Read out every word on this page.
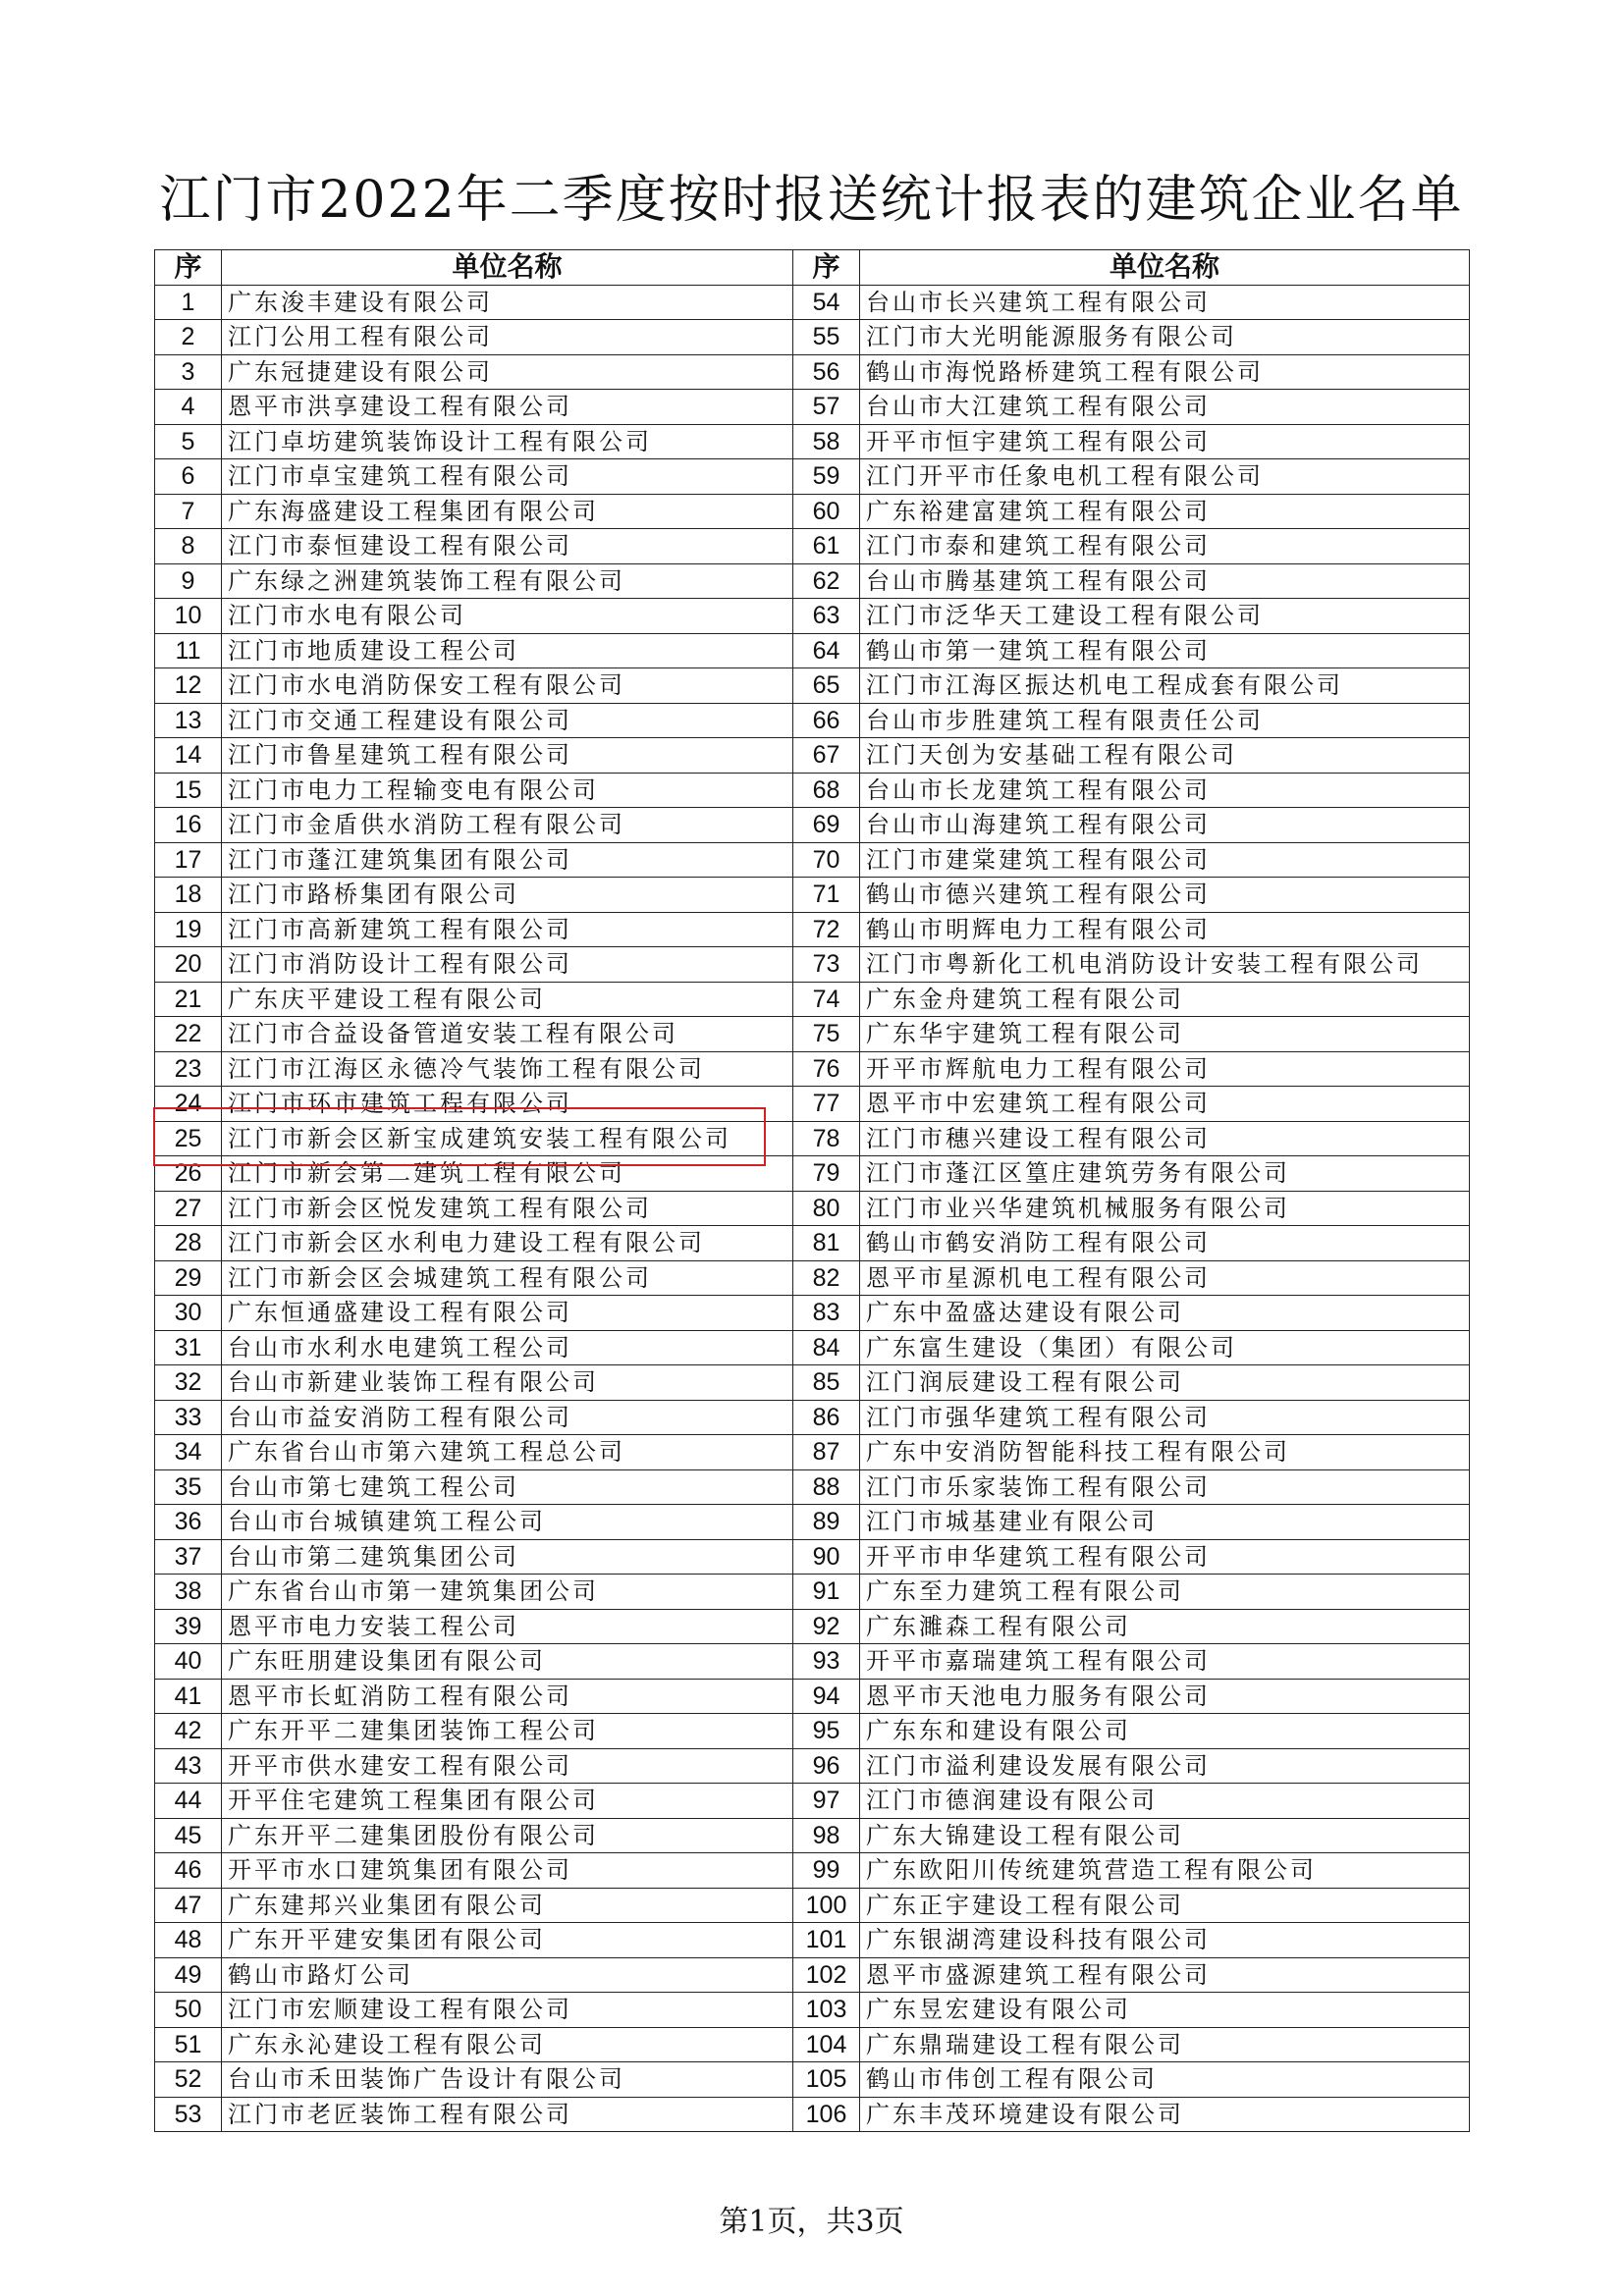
江门市2022年二季度按时报送统计报表的建筑企业名单
序	单位名称	序	单位名称
1	广东浚丰建设有限公司	54	台山市长兴建筑工程有限公司
2	江门公用工程有限公司	55	江门市大光明能源服务有限公司
3	广东冠捷建设有限公司	56	鹤山市海悦路桥建筑工程有限公司
4	恩平市洪享建设工程有限公司	57	台山市大江建筑工程有限公司
5	江门卓坊建筑装饰设计工程有限公司	58	开平市恒宇建筑工程有限公司
6	江门市卓宝建筑工程有限公司	59	江门开平市任象电机工程有限公司
7	广东海盛建设工程集团有限公司	60	广东裕建富建筑工程有限公司
8	江门市泰恒建设工程有限公司	61	江门市泰和建筑工程有限公司
9	广东绿之洲建筑装饰工程有限公司	62	台山市腾基建筑工程有限公司
10	江门市水电有限公司	63	江门市泛华天工建设工程有限公司
11	江门市地质建设工程公司	64	鹤山市第一建筑工程有限公司
12	江门市水电消防保安工程有限公司	65	江门市江海区振达机电工程成套有限公司
13	江门市交通工程建设有限公司	66	台山市步胜建筑工程有限责任公司
14	江门市鲁星建筑工程有限公司	67	江门天创为安基础工程有限公司
15	江门市电力工程输变电有限公司	68	台山市长龙建筑工程有限公司
16	江门市金盾供水消防工程有限公司	69	台山市山海建筑工程有限公司
17	江门市蓬江建筑集团有限公司	70	江门市建棠建筑工程有限公司
18	江门市路桥集团有限公司	71	鹤山市德兴建筑工程有限公司
19	江门市高新建筑工程有限公司	72	鹤山市明辉电力工程有限公司
20	江门市消防设计工程有限公司	73	江门市粤新化工机电消防设计安装工程有限公司
21	广东庆平建设工程有限公司	74	广东金舟建筑工程有限公司
22	江门市合益设备管道安装工程有限公司	75	广东华宇建筑工程有限公司
23	江门市江海区永德冷气装饰工程有限公司	76	开平市辉航电力工程有限公司
24	江门市环市建筑工程有限公司	77	恩平市中宏建筑工程有限公司
25	江门市新会区新宝成建筑安装工程有限公司	78	江门市穗兴建设工程有限公司
26	江门市新会第二建筑工程有限公司	79	江门市蓬江区篁庄建筑劳务有限公司
27	江门市新会区悦发建筑工程有限公司	80	江门市业兴华建筑机械服务有限公司
28	江门市新会区水利电力建设工程有限公司	81	鹤山市鹤安消防工程有限公司
29	江门市新会区会城建筑工程有限公司	82	恩平市星源机电工程有限公司
30	广东恒通盛建设工程有限公司	83	广东中盈盛达建设有限公司
31	台山市水利水电建筑工程公司	84	广东富生建设（集团）有限公司
32	台山市新建业装饰工程有限公司	85	江门润辰建设工程有限公司
33	台山市益安消防工程有限公司	86	江门市强华建筑工程有限公司
34	广东省台山市第六建筑工程总公司	87	广东中安消防智能科技工程有限公司
35	台山市第七建筑工程公司	88	江门市乐家装饰工程有限公司
36	台山市台城镇建筑工程公司	89	江门市城基建业有限公司
37	台山市第二建筑集团公司	90	开平市申华建筑工程有限公司
38	广东省台山市第一建筑集团公司	91	广东至力建筑工程有限公司
39	恩平市电力安装工程公司	92	广东濉森工程有限公司
40	广东旺朋建设集团有限公司	93	开平市嘉瑞建筑工程有限公司
41	恩平市长虹消防工程有限公司	94	恩平市天池电力服务有限公司
42	广东开平二建集团装饰工程公司	95	广东东和建设有限公司
43	开平市供水建安工程有限公司	96	江门市溢利建设发展有限公司
44	开平住宅建筑工程集团有限公司	97	江门市德润建设有限公司
45	广东开平二建集团股份有限公司	98	广东大锦建设工程有限公司
46	开平市水口建筑集团有限公司	99	广东欧阳川传统建筑营造工程有限公司
47	广东建邦兴业集团有限公司	100	广东正宇建设工程有限公司
48	广东开平建安集团有限公司	101	广东银湖湾建设科技有限公司
49	鹤山市路灯公司	102	恩平市盛源建筑工程有限公司
50	江门市宏顺建设工程有限公司	103	广东昱宏建设有限公司
51	广东永沁建设工程有限公司	104	广东鼎瑞建设工程有限公司
52	台山市禾田装饰广告设计有限公司	105	鹤山市伟创工程有限公司
53	江门市老匠装饰工程有限公司	106	广东丰茂环境建设有限公司
第1页，共3页
